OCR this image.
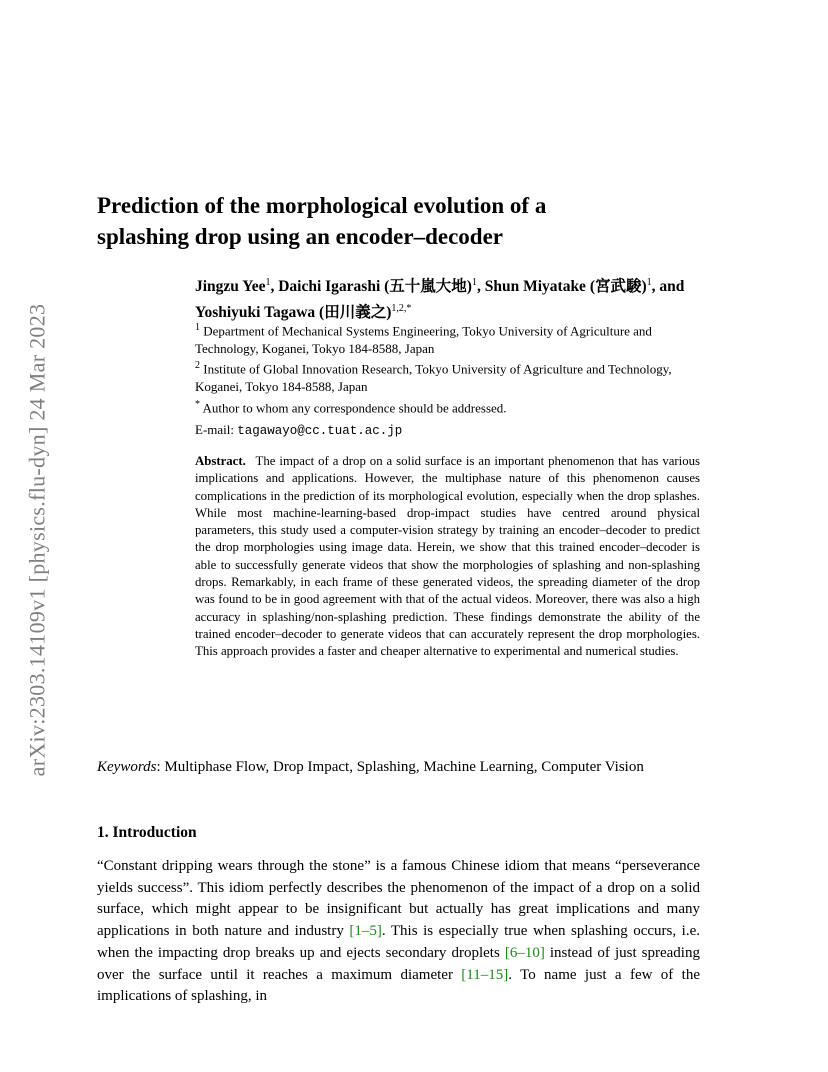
arXiv:2303.14109v1 [physics.flu-dyn] 24 Mar 2023
Prediction of the morphological evolution of a
splashing drop using an encoder–decoder

Jingzu Yee$^1$, Daichi Igarashi (五十嵐大地)$^1$, Shun Miyatake (宮武駿)$^1$, and Yoshiyuki Tagawa (田川義之)$^{1,2,*}$

$^1$ Department of Mechanical Systems Engineering, Tokyo University of Agriculture and Technology, Koganei, Tokyo 184-8588, Japan

$^2$ Institute of Global Innovation Research, Tokyo University of Agriculture and Technology, Koganei, Tokyo 184-8588, Japan

* Author to whom any correspondence should be addressed.

E-mail: tagawayo@cc.tuat.ac.jp

Abstract. The impact of a drop on a solid surface is an important phenomenon that has various implications and applications. However, the multiphase nature of this phenomenon causes complications in the prediction of its morphological evolution, especially when the drop splashes. While most machine-learning-based drop-impact studies have centred around physical parameters, this study used a computer-vision strategy by training an encoder–decoder to predict the drop morphologies using image data. Herein, we show that this trained encoder–decoder is able to successfully generate videos that show the morphologies of splashing and non-splashing drops. Remarkably, in each frame of these generated videos, the spreading diameter of the drop was found to be in good agreement with that of the actual videos. Moreover, there was also a high accuracy in splashing/non-splashing prediction. These findings demonstrate the ability of the trained encoder–decoder to generate videos that can accurately represent the drop morphologies. This approach provides a faster and cheaper alternative to experimental and numerical studies.

Keywords: Multiphase Flow, Drop Impact, Splashing, Machine Learning, Computer Vision

1. Introduction

“Constant dripping wears through the stone” is a famous Chinese idiom that means “perseverance yields success”. This idiom perfectly describes the phenomenon of the impact of a drop on a solid surface, which might appear to be insignificant but actually has great implications and many applications in both nature and industry [1–5]. This is especially true when splashing occurs, i.e. when the impacting drop breaks up and ejects secondary droplets [6–10] instead of just spreading over the surface until it reaches a maximum diameter [11–15]. To name just a few of the implications of splashing, in
